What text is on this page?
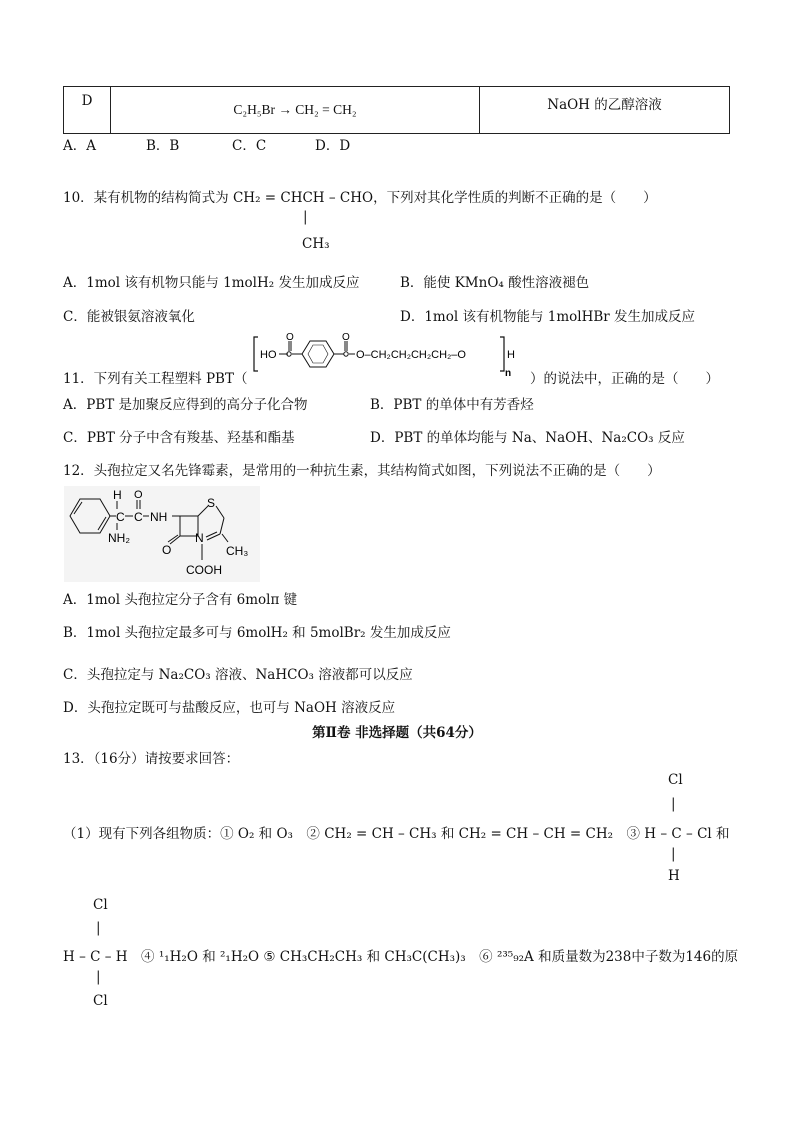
D	C₂H₅Br → CH₂ = CH₂	NaOH 的乙醇溶液
A．A	B．B	C．C	D．D
10．某有机物的结构简式为 CH₂ = CHCH – CHO，下列对其化学性质的判断不正确的是（　　）
|
CH₃
A．1mol 该有机物只能与 1molH₂ 发生加成反应	B．能使 KMnO₄ 酸性溶液褪色
C．能被银氨溶液氧化	D．1mol 该有机物能与 1molHBr 发生加成反应
11．下列有关工程塑料 PBT（
HO
O	O
O–CH₂CH₂CH₂CH₂–O	H
n ）的说法中，正确的是（　　）
A．PBT 是加聚反应得到的高分子化合物	B．PBT 的单体中有芳香烃
C．PBT 分子中含有羧基、羟基和酯基	D．PBT 的单体均能与 Na、NaOH、Na₂CO₃ 反应
12．头孢拉定又名先锋霉素，是常用的一种抗生素，其结构简式如图，下列说法不正确的是（　　）
H
C
NH₂
C
O
NH
O
N
S
CH₃
COOH
A．1mol 头孢拉定分子含有 6molπ 键
B．1mol 头孢拉定最多可与 6molH₂ 和 5molBr₂ 发生加成反应
C．头孢拉定与 Na₂CO₃ 溶液、NaHCO₃ 溶液都可以反应
D．头孢拉定既可与盐酸反应，也可与 NaOH 溶液反应
第Ⅱ卷 非选择题（共64分）
13．（16分）请按要求回答：
Cl
|
（1）现有下列各组物质：① O₂ 和 O₃　② CH₂ = CH – CH₃ 和 CH₂ = CH – CH = CH₂　③ H – C – Cl 和
|
H
Cl
|
H – C – H　④ ¹₁H₂O 和 ²₁H₂O ⑤ CH₃CH₂CH₃ 和 CH₃C(CH₃)₃　⑥ ²³⁵₉₂A 和质量数为238中子数为146的原
|
Cl
